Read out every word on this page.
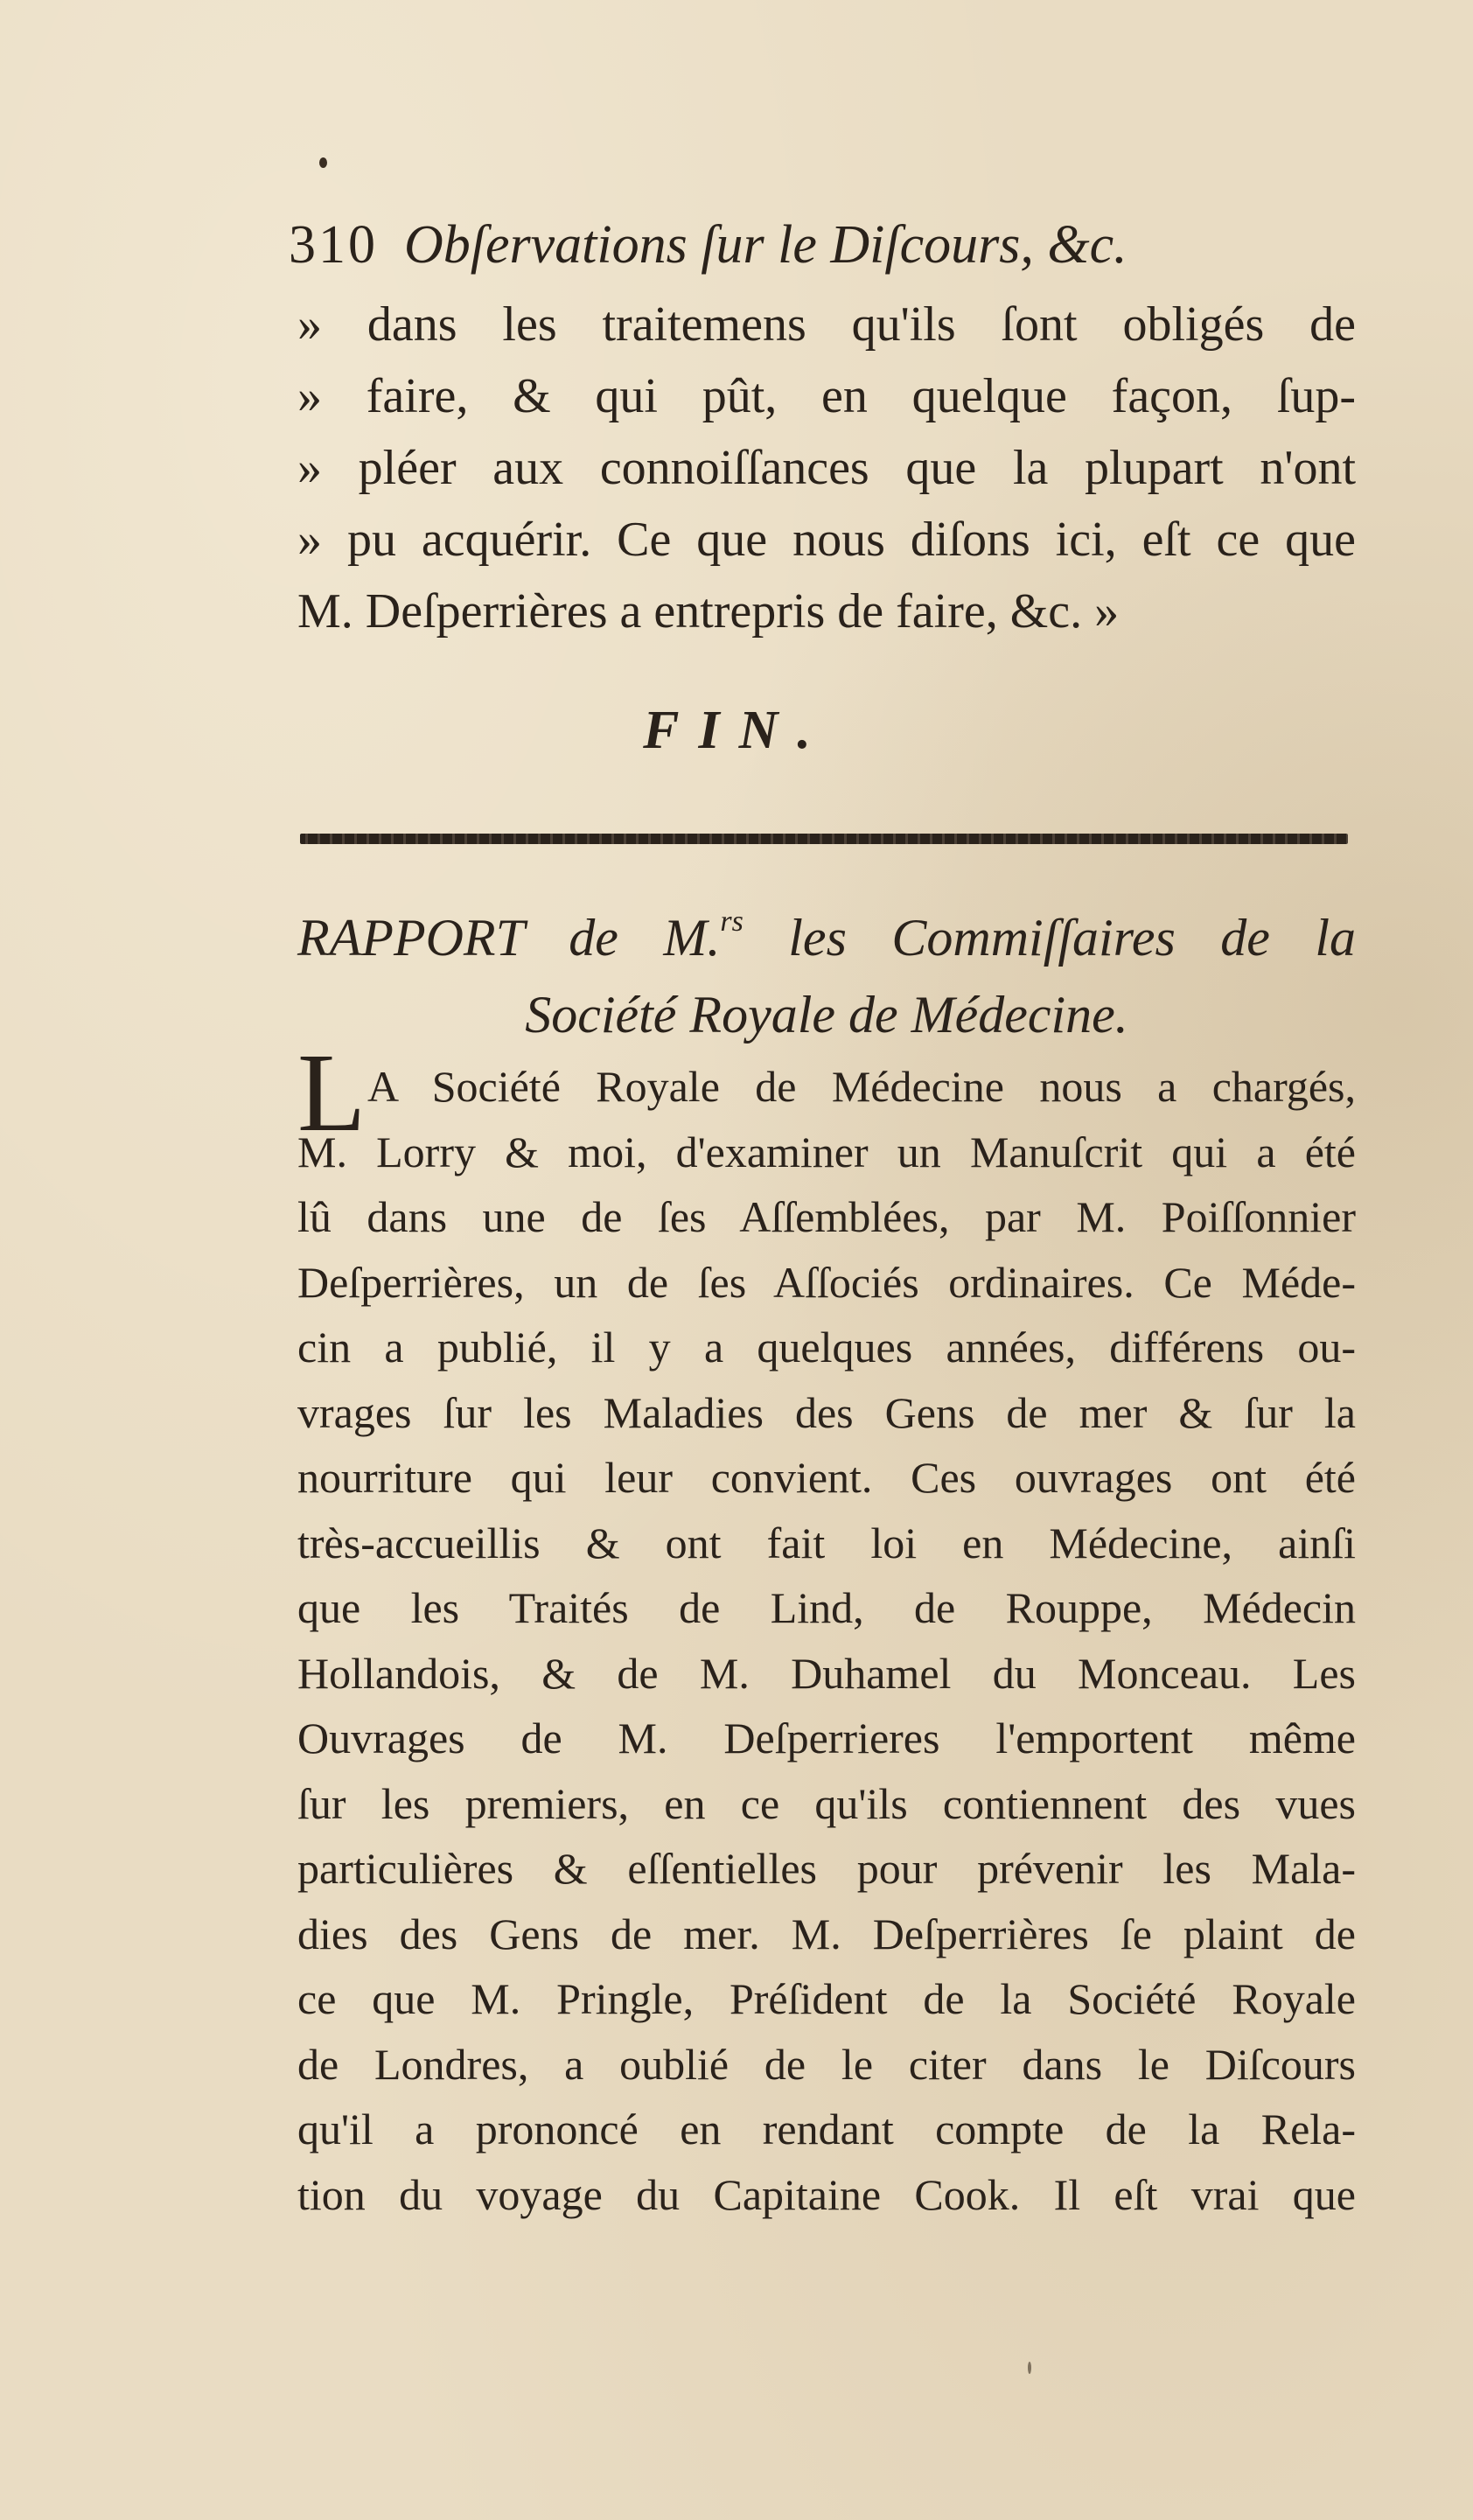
310 Obſervations ſur le Diſcours, &c.
» dans les traitemens qu'ils ſont obligés de
» faire, & qui pût, en quelque façon, ſup-
» pléer aux connoiſſances que la plupart n'ont
» pu acquérir. Ce que nous diſons ici, eſt ce que
M. Deſperrières a entrepris de faire, &c. »
FIN.
RAPPORT de M.$^{rs}$ les Commiſſaires de la
Société Royale de Médecine.
L A Société Royale de Médecine nous a chargés,
M. Lorry & moi, d'examiner un Manuſcrit qui a été
lû dans une de ſes Aſſemblées, par M. Poiſſonnier
Deſperrières, un de ſes Aſſociés ordinaires. Ce Méde-
cin a publié, il y a quelques années, différens ou-
vrages ſur les Maladies des Gens de mer & ſur la
nourriture qui leur convient. Ces ouvrages ont été
très-accueillis & ont fait loi en Médecine, ainſi
que les Traités de Lind, de Rouppe, Médecin
Hollandois, & de M. Duhamel du Monceau. Les
Ouvrages de M. Deſperrieres l'emportent même
ſur les premiers, en ce qu'ils contiennent des vues
particulières & eſſentielles pour prévenir les Mala-
dies des Gens de mer. M. Deſperrières ſe plaint de
ce que M. Pringle, Préſident de la Société Royale
de Londres, a oublié de le citer dans le Diſcours
qu'il a prononcé en rendant compte de la Rela-
tion du voyage du Capitaine Cook. Il eſt vrai que
